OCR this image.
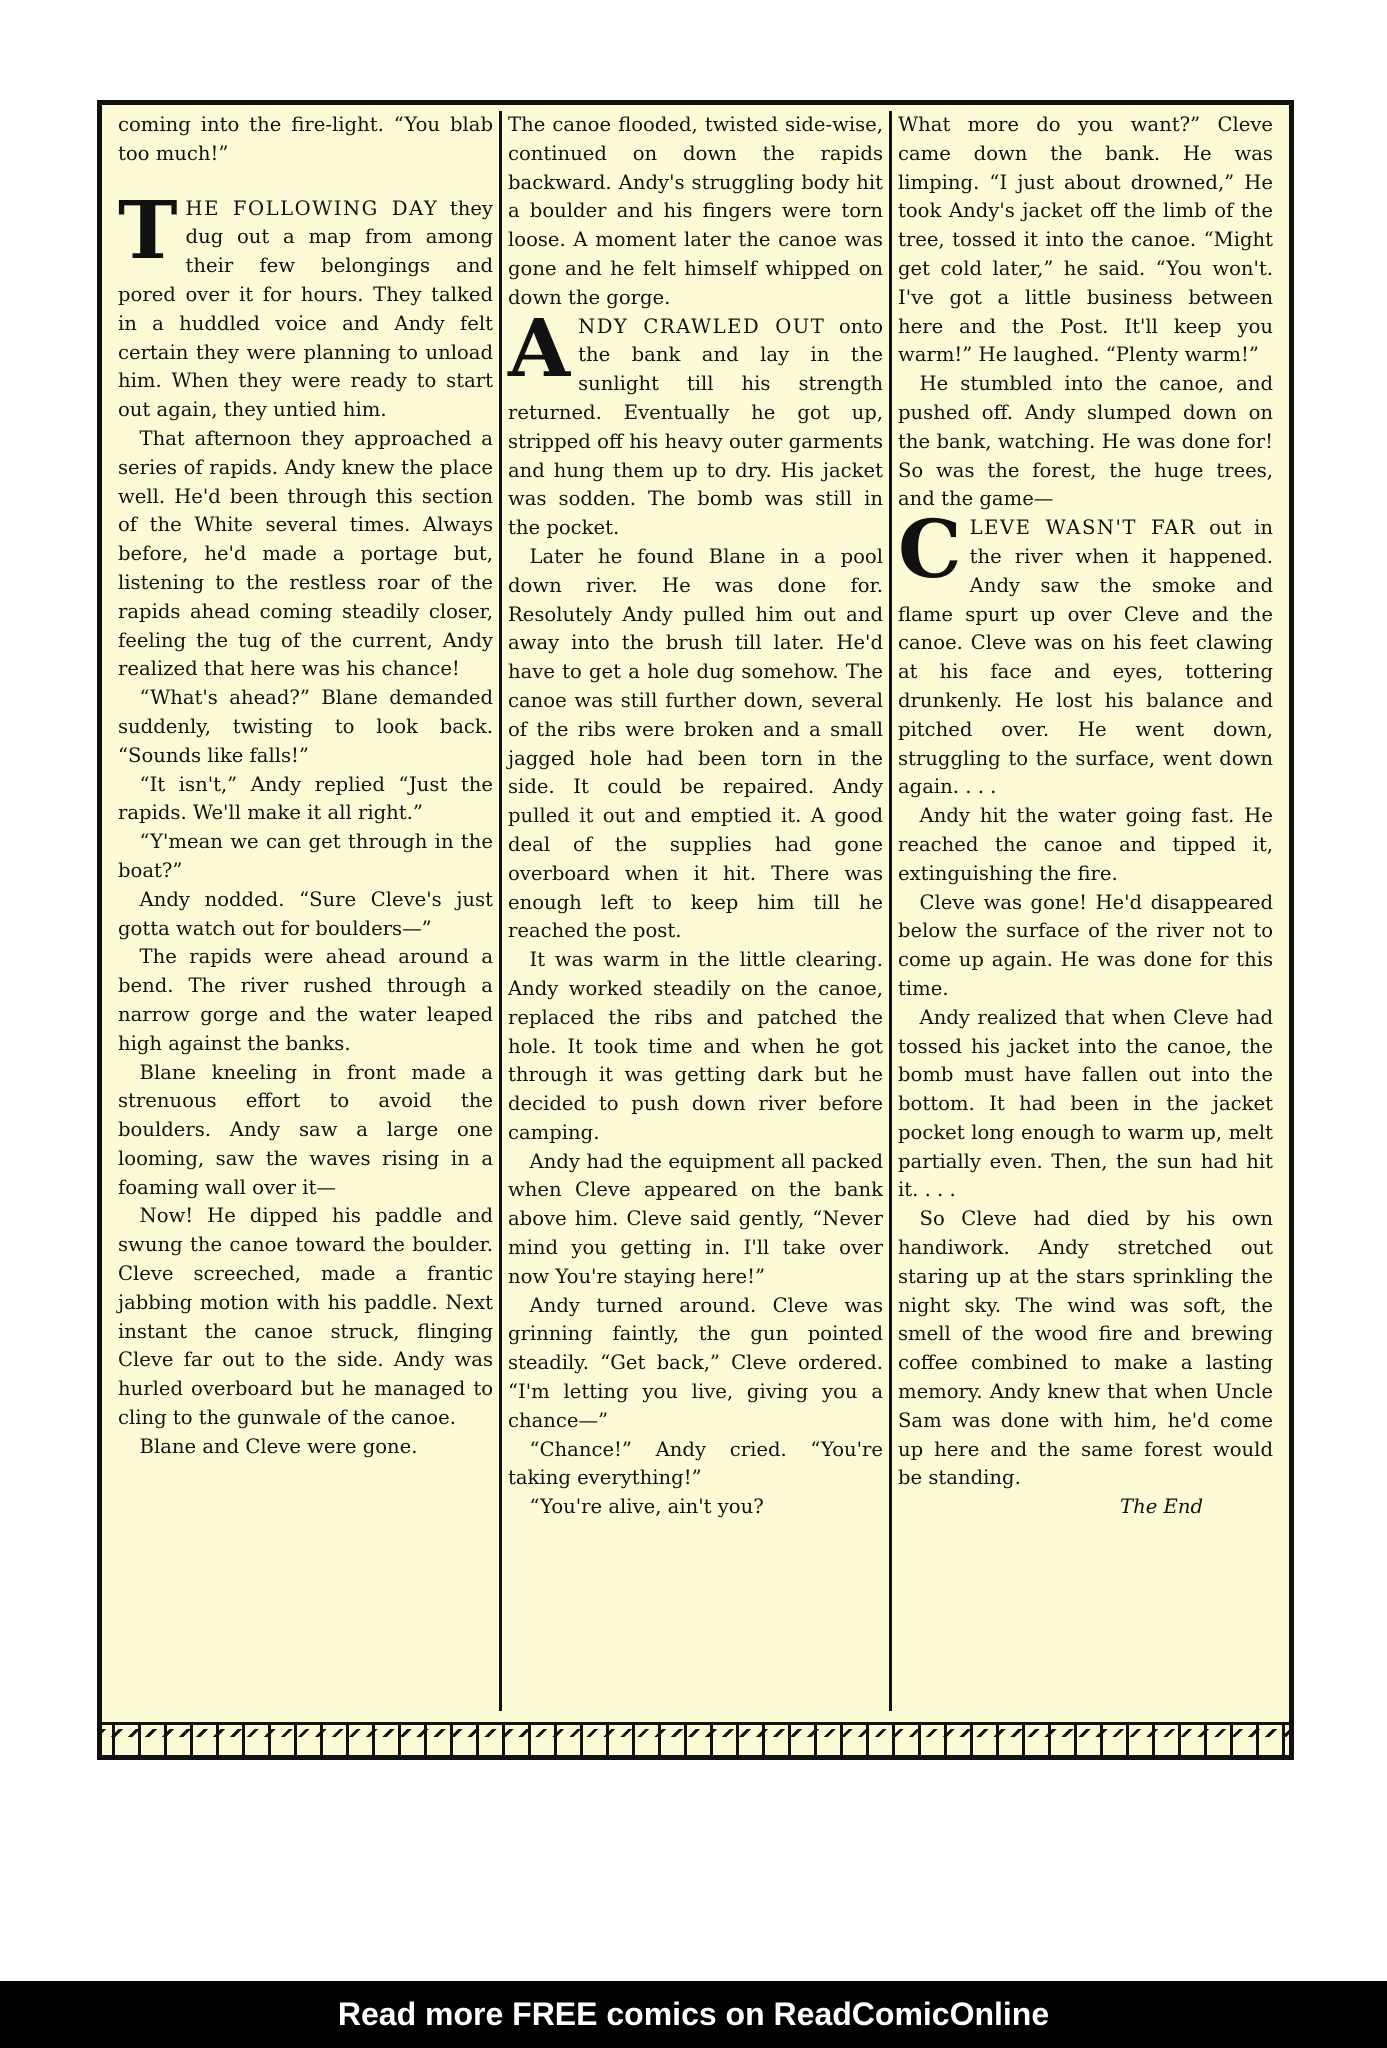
coming into the fire-light. “You blab too much!”

THE FOLLOWING DAY they dug out a map from among their few belongings and pored over it for hours. They talked in a huddled voice and Andy felt certain they were planning to unload him. When they were ready to start out again, they untied him.

That afternoon they approached a series of rapids. Andy knew the place well. He'd been through this section of the White several times. Always before, he'd made a portage but, listening to the restless roar of the rapids ahead coming steadily closer, feeling the tug of the current, Andy realized that here was his chance!

“What's ahead?” Blane demanded suddenly, twisting to look back. “Sounds like falls!”

“It isn't,” Andy replied “Just the rapids. We'll make it all right.”

“Y'mean we can get through in the boat?”

Andy nodded. “Sure Cleve's just gotta watch out for boulders—”

The rapids were ahead around a bend. The river rushed through a narrow gorge and the water leaped high against the banks.

Blane kneeling in front made a strenuous effort to avoid the boulders. Andy saw a large one looming, saw the waves rising in a foaming wall over it—

Now! He dipped his paddle and swung the canoe toward the boulder. Cleve screeched, made a frantic jabbing motion with his paddle. Next instant the canoe struck, flinging Cleve far out to the side. Andy was hurled overboard but he managed to cling to the gunwale of the canoe.

Blane and Cleve were gone.

The canoe flooded, twisted side-wise, continued on down the rapids backward. Andy's struggling body hit a boulder and his fingers were torn loose. A moment later the canoe was gone and he felt himself whipped on down the gorge.

ANDY CRAWLED OUT onto the bank and lay in the sunlight till his strength returned. Eventually he got up, stripped off his heavy outer garments and hung them up to dry. His jacket was sodden. The bomb was still in the pocket.

Later he found Blane in a pool down river. He was done for. Resolutely Andy pulled him out and away into the brush till later. He'd have to get a hole dug somehow. The canoe was still further down, several of the ribs were broken and a small jagged hole had been torn in the side. It could be repaired. Andy pulled it out and emptied it. A good deal of the supplies had gone overboard when it hit. There was enough left to keep him till he reached the post.

It was warm in the little clearing. Andy worked steadily on the canoe, replaced the ribs and patched the hole. It took time and when he got through it was getting dark but he decided to push down river before camping.

Andy had the equipment all packed when Cleve appeared on the bank above him. Cleve said gently, “Never mind you getting in. I'll take over now You're staying here!”

Andy turned around. Cleve was grinning faintly, the gun pointed steadily. “Get back,” Cleve ordered. “I'm letting you live, giving you a chance—”

“Chance!” Andy cried. “You're taking everything!”

“You're alive, ain't you?

What more do you want?” Cleve came down the bank. He was limping. “I just about drowned,” He took Andy's jacket off the limb of the tree, tossed it into the canoe. “Might get cold later,” he said. “You won't. I've got a little business between here and the Post. It'll keep you warm!” He laughed. “Plenty warm!”

He stumbled into the canoe, and pushed off. Andy slumped down on the bank, watching. He was done for! So was the forest, the huge trees, and the game—

CLEVE WASN'T FAR out in the river when it happened. Andy saw the smoke and flame spurt up over Cleve and the canoe. Cleve was on his feet clawing at his face and eyes, tottering drunkenly. He lost his balance and pitched over. He went down, struggling to the surface, went down again. . . .

Andy hit the water going fast. He reached the canoe and tipped it, extinguishing the fire.

Cleve was gone! He'd disappeared below the surface of the river not to come up again. He was done for this time.

Andy realized that when Cleve had tossed his jacket into the canoe, the bomb must have fallen out into the bottom. It had been in the jacket pocket long enough to warm up, melt partially even. Then, the sun had hit it. . . .

So Cleve had died by his own handiwork. Andy stretched out staring up at the stars sprinkling the night sky. The wind was soft, the smell of the wood fire and brewing coffee combined to make a lasting memory. Andy knew that when Uncle Sam was done with him, he'd come up here and the same forest would be standing.

The End

Read more FREE comics on ReadComicOnline
